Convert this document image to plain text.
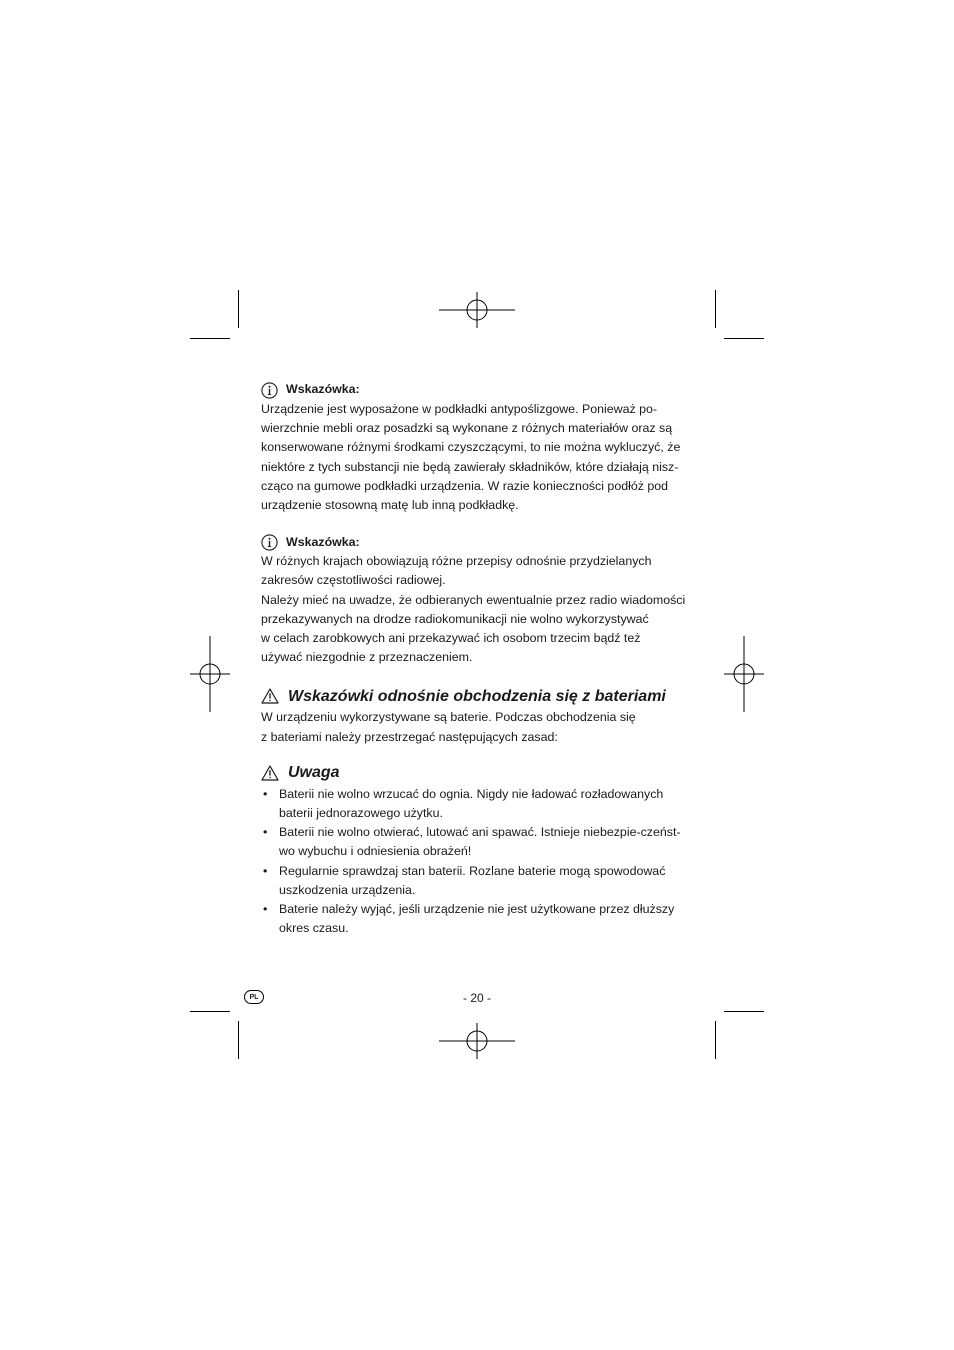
Wskazówka:

Urządzenie jest wyposażone w podkładki antypoślizgowe. Ponieważ po-
wierzchnie mebli oraz posadzki są wykonane z różnych materiałów oraz są
konserwowane różnymi środkami czyszczącymi, to nie można wykluczyć, że
niektóre z tych substancji nie będą zawierały składników, które działają nisz-
cząco na gumowe podkładki urządzenia. W razie konieczności podłóż pod
urządzenie stosowną matę lub inną podkładkę.

Wskazówka:

W różnych krajach obowiązują różne przepisy odnośnie przydzielanych
zakresów częstotliwości radiowej.
Należy mieć na uwadze, że odbieranych ewentualnie przez radio wiadomości
przekazywanych na drodze radiokomunikacji nie wolno wykorzystywać
w celach zarobkowych ani przekazywać ich osobom trzecim bądź też
używać niezgodnie z przeznaczeniem.

Wskazówki odnośnie obchodzenia się z bateriami

W urządzeniu wykorzystywane są baterie. Podczas obchodzenia się
z bateriami należy przestrzegać następujących zasad:

Uwaga
• Baterii nie wolno wrzucać do ognia. Nigdy nie ładować rozładowanych
baterii jednorazowego użytku.
• Baterii nie wolno otwierać, lutować ani spawać. Istnieje niebezpie-czeńst-
wo wybuchu i odniesienia obrażeń!
• Regularnie sprawdzaj stan baterii. Rozlane baterie mogą spowodować
uszkodzenia urządzenia.
• Baterie należy wyjąć, jeśli urządzenie nie jest użytkowane przez dłuższy
okres czasu.
PL	- 20 -
